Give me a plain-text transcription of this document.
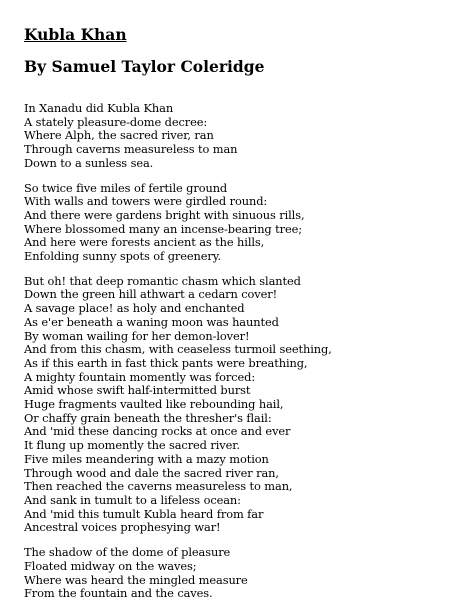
Kubla Khan
By Samuel Taylor Coleridge
In Xanadu did Kubla Khan
A stately pleasure-dome decree:
Where Alph, the sacred river, ran
Through caverns measureless to man
Down to a sunless sea.
So twice five miles of fertile ground
With walls and towers were girdled round:
And there were gardens bright with sinuous rills,
Where blossomed many an incense-bearing tree;
And here were forests ancient as the hills,
Enfolding sunny spots of greenery.
But oh! that deep romantic chasm which slanted
Down the green hill athwart a cedarn cover!
A savage place! as holy and enchanted
As e'er beneath a waning moon was haunted
By woman wailing for her demon-lover!
And from this chasm, with ceaseless turmoil seething,
As if this earth in fast thick pants were breathing,
A mighty fountain momently was forced:
Amid whose swift half-intermitted burst
Huge fragments vaulted like rebounding hail,
Or chaffy grain beneath the thresher's flail:
And 'mid these dancing rocks at once and ever
It flung up momently the sacred river.
Five miles meandering with a mazy motion
Through wood and dale the sacred river ran,
Then reached the caverns measureless to man,
And sank in tumult to a lifeless ocean:
And 'mid this tumult Kubla heard from far
Ancestral voices prophesying war!
The shadow of the dome of pleasure
Floated midway on the waves;
Where was heard the mingled measure
From the fountain and the caves.
